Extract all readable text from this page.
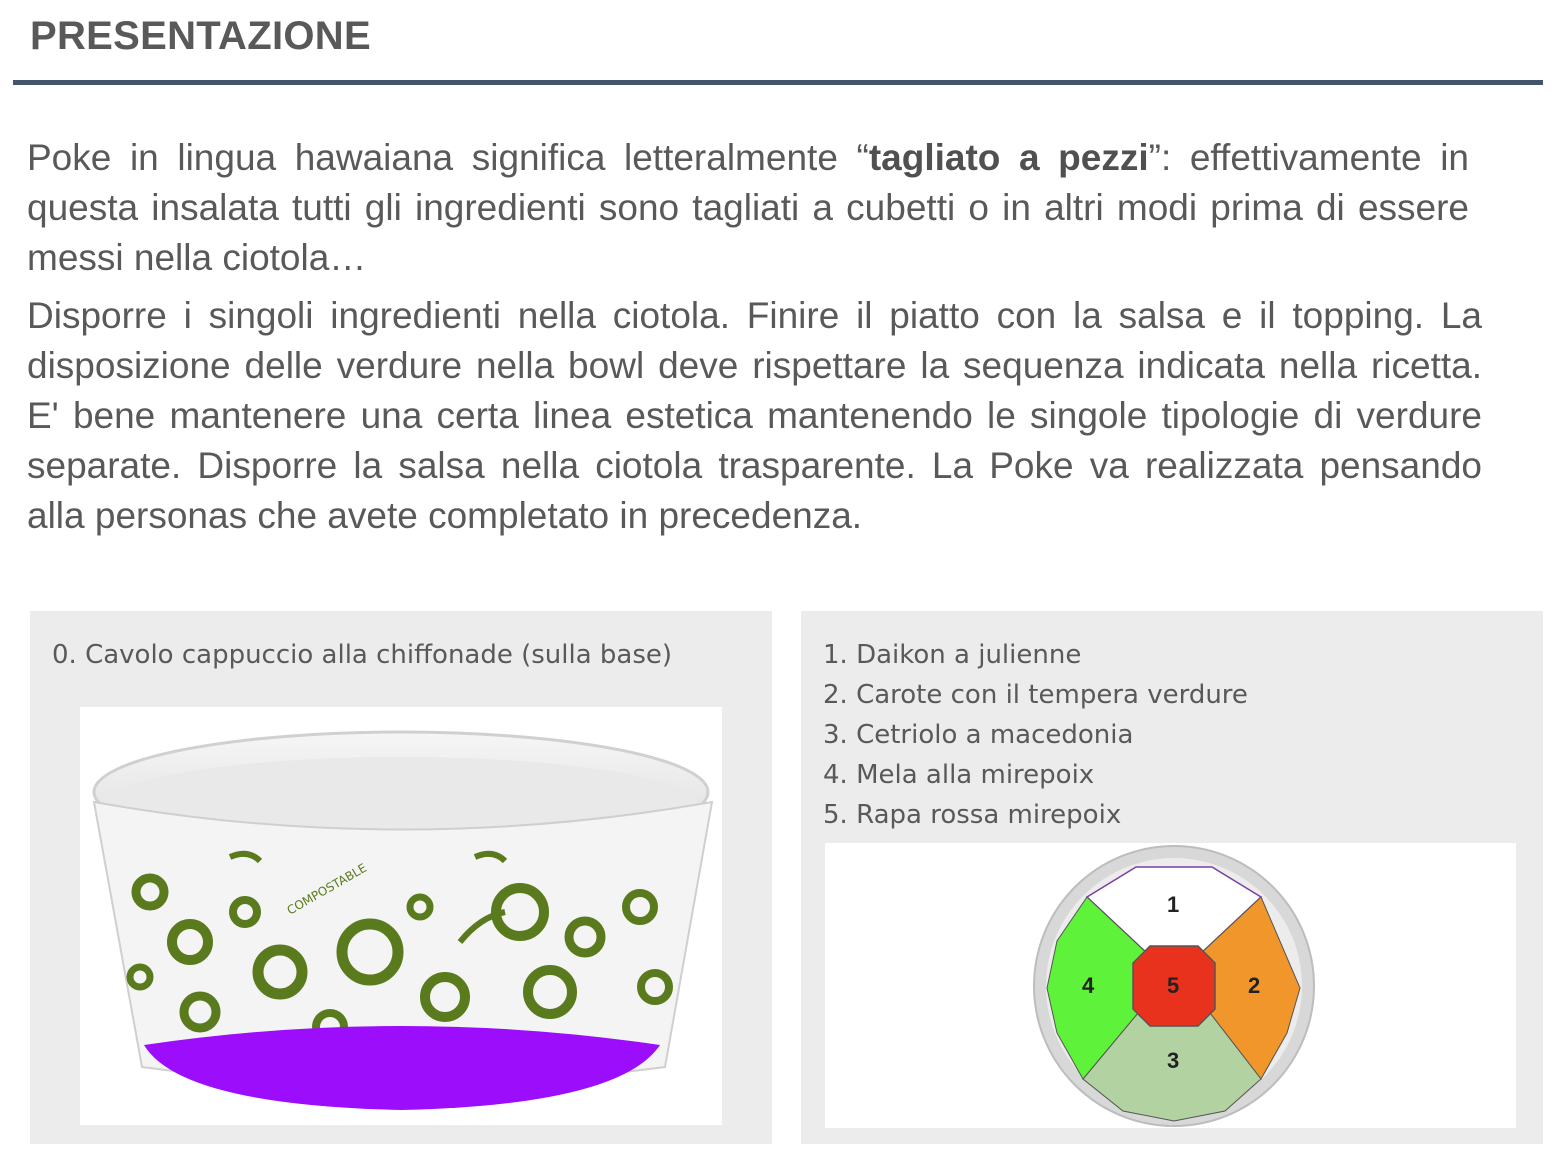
PRESENTAZIONE

Poke in lingua hawaiana significa letteralmente “tagliato a pezzi”: effettivamente in questa insalata tutti gli ingredienti sono tagliati a cubetti o in altri modi prima di essere messi nella ciotola…

Disporre i singoli ingredienti nella ciotola. Finire il piatto con la salsa e il topping. La disposizione delle verdure nella bowl deve rispettare la sequenza indicata nella ricetta. E' bene mantenere una certa linea estetica mantenendo le singole tipologie di verdure separate. Disporre la salsa nella ciotola trasparente. La Poke va realizzata pensando alla personas che avete completato in precedenza.

0. Cavolo cappuccio alla chiffonade (sulla base)
COMPOSTABLE
1. Daikon a julienne
2. Carote con il tempera verdure
3. Cetriolo a macedonia
4. Mela alla mirepoix
5. Rapa rossa mirepoix
1
2
3
4	5
